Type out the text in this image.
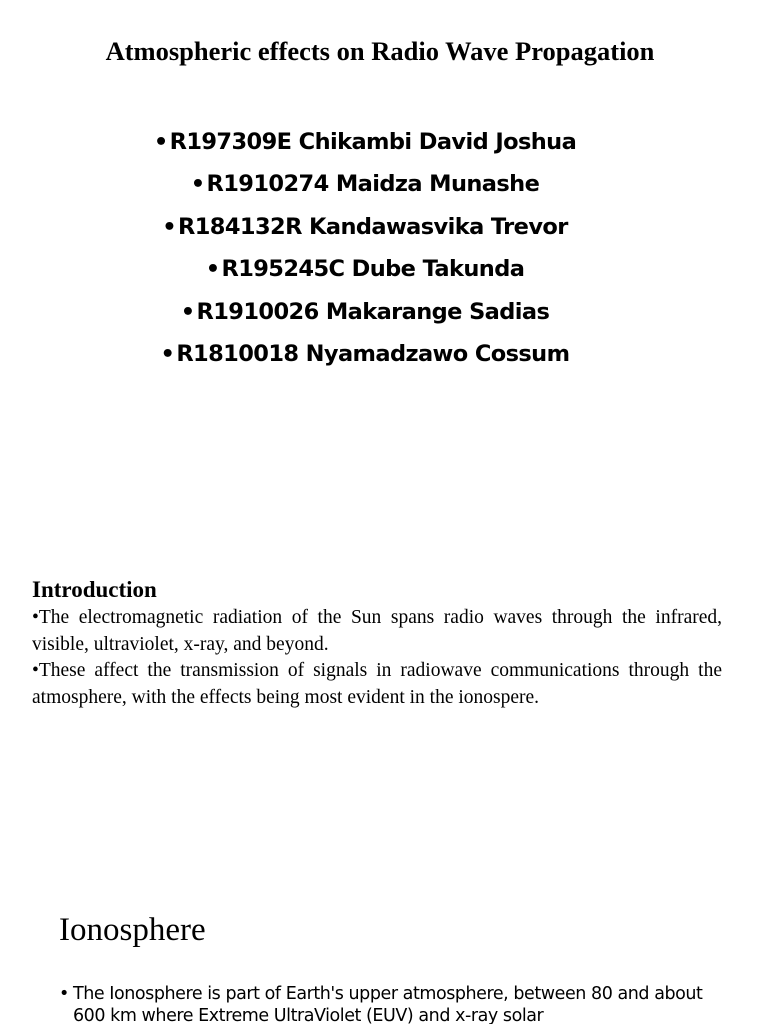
Atmospheric effects on Radio Wave Propagation
• R197309E Chikambi David Joshua
• R1910274 Maidza Munashe
• R184132R Kandawasvika Trevor
• R195245C Dube Takunda
• R1910026 Makarange Sadias
• R1810018 Nyamadzawo Cossum
Introduction

• The electromagnetic radiation of the Sun spans radio waves through the infrared, visible, ultraviolet, x-ray, and beyond.

• These affect the transmission of signals in radiowave communications through the atmosphere, with the effects being most evident in the ionospere.

Ionosphere
• The Ionosphere is part of Earth's upper atmosphere, between 80 and about 600 km where Extreme UltraViolet (EUV) and x-ray solar
